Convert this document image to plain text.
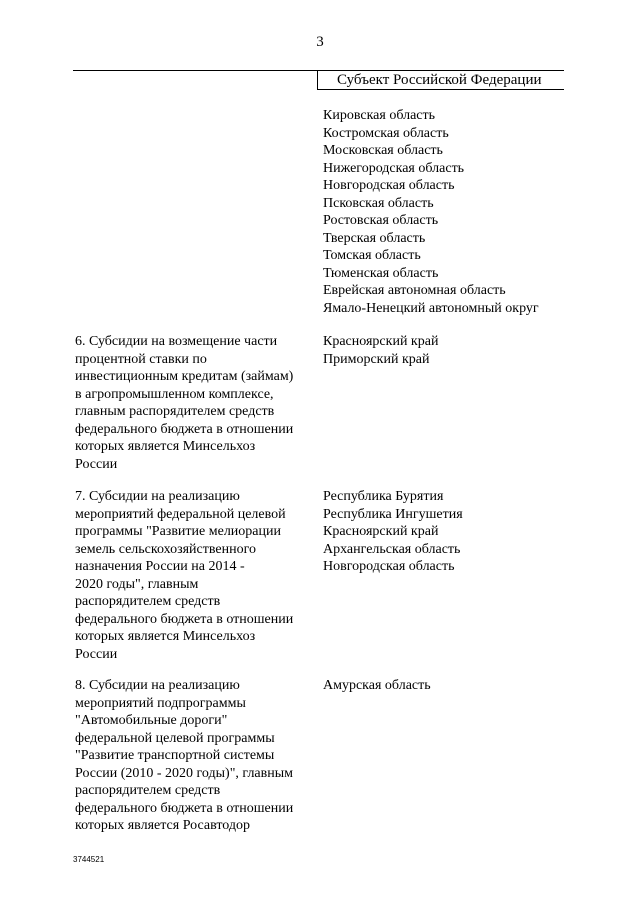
3
Субъект Российской Федерации
Кировская область
Костромская область
Московская область
Нижегородская область
Новгородская область
Псковская область
Ростовская область
Тверская область
Томская область
Тюменская область
Еврейская автономная область
Ямало-Ненецкий автономный округ
6. Субсидии на возмещение части
процентной ставки по
инвестиционным кредитам (займам)
в агропромышленном комплексе,
главным распорядителем средств
федерального бюджета в отношении
которых является Минсельхоз
России
Красноярский край
Приморский край
7. Субсидии на реализацию
мероприятий федеральной целевой
программы "Развитие мелиорации
земель сельскохозяйственного
назначения России на 2014 -
2020 годы", главным
распорядителем средств
федерального бюджета в отношении
которых является Минсельхоз
России
Республика Бурятия
Республика Ингушетия
Красноярский край
Архангельская область
Новгородская область
8. Субсидии на реализацию
мероприятий подпрограммы
"Автомобильные дороги"
федеральной целевой программы
"Развитие транспортной системы
России (2010 - 2020 годы)", главным
распорядителем средств
федерального бюджета в отношении
которых является Росавтодор
Амурская область
3744521
